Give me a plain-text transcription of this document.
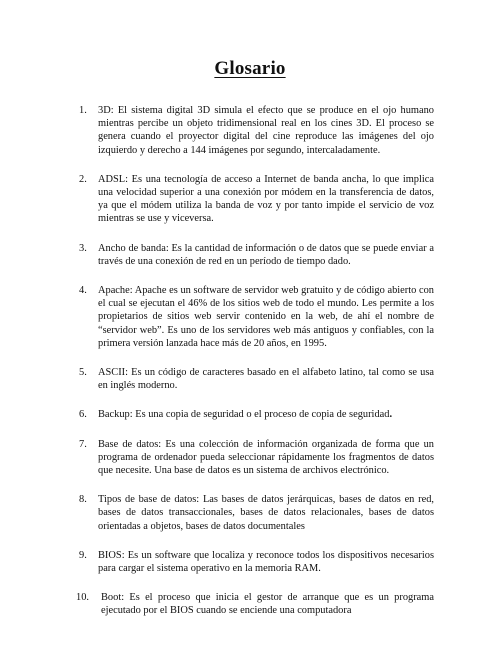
Glosario
1. 3D : El sistema digital 3D simula el efecto que se produce en el ojo humano mientras percibe un objeto tridimensional real en los cines 3D. El proceso se genera cuando el proyector digital del cine reproduce las imágenes del ojo izquierdo y derecho a 144 imágenes por segundo, intercaladamente.
2. ADSL : Es una tecnología de acceso a Internet de banda ancha, lo que implica una velocidad superior a una conexión por módem en la transferencia de datos, ya que el módem utiliza la banda de voz y por tanto impide el servicio de voz mientras se use y viceversa.
3. Ancho de banda : Es la cantidad de información o de datos que se puede enviar a través de una conexión de red en un período de tiempo dado.
4. Apache : Apache es un software de servidor web gratuito y de código abierto con el cual se ejecutan el 46% de los sitios web de todo el mundo. Les permite a los propietarios de sitios web servir contenido en la web, de ahí el nombre de “servidor web”. Es uno de los servidores web más antiguos y confiables, con la primera versión lanzada hace más de 20 años, en 1995.
5. ASCII : Es un código de caracteres basado en el alfabeto latino, tal como se usa en inglés moderno.
6. Backup : Es una copia de seguridad o el proceso de copia de seguridad.
7. Base de datos : Es una colección de información organizada de forma que un programa de ordenador pueda seleccionar rápidamente los fragmentos de datos que necesite. Una base de datos es un sistema de archivos electrónico.
8. Tipos de base de datos : Las bases de datos jerárquicas, bases de datos en red, bases de datos transaccionales, bases de datos relacionales, bases de datos orientadas a objetos, bases de datos documentales
9. BIOS : Es un software que localiza y reconoce todos los dispositivos necesarios para cargar el sistema operativo en la memoria RAM.
10. Boot : Es el proceso que inicia el gestor de arranque que es un programa ejecutado por el BIOS cuando se enciende una computadora
